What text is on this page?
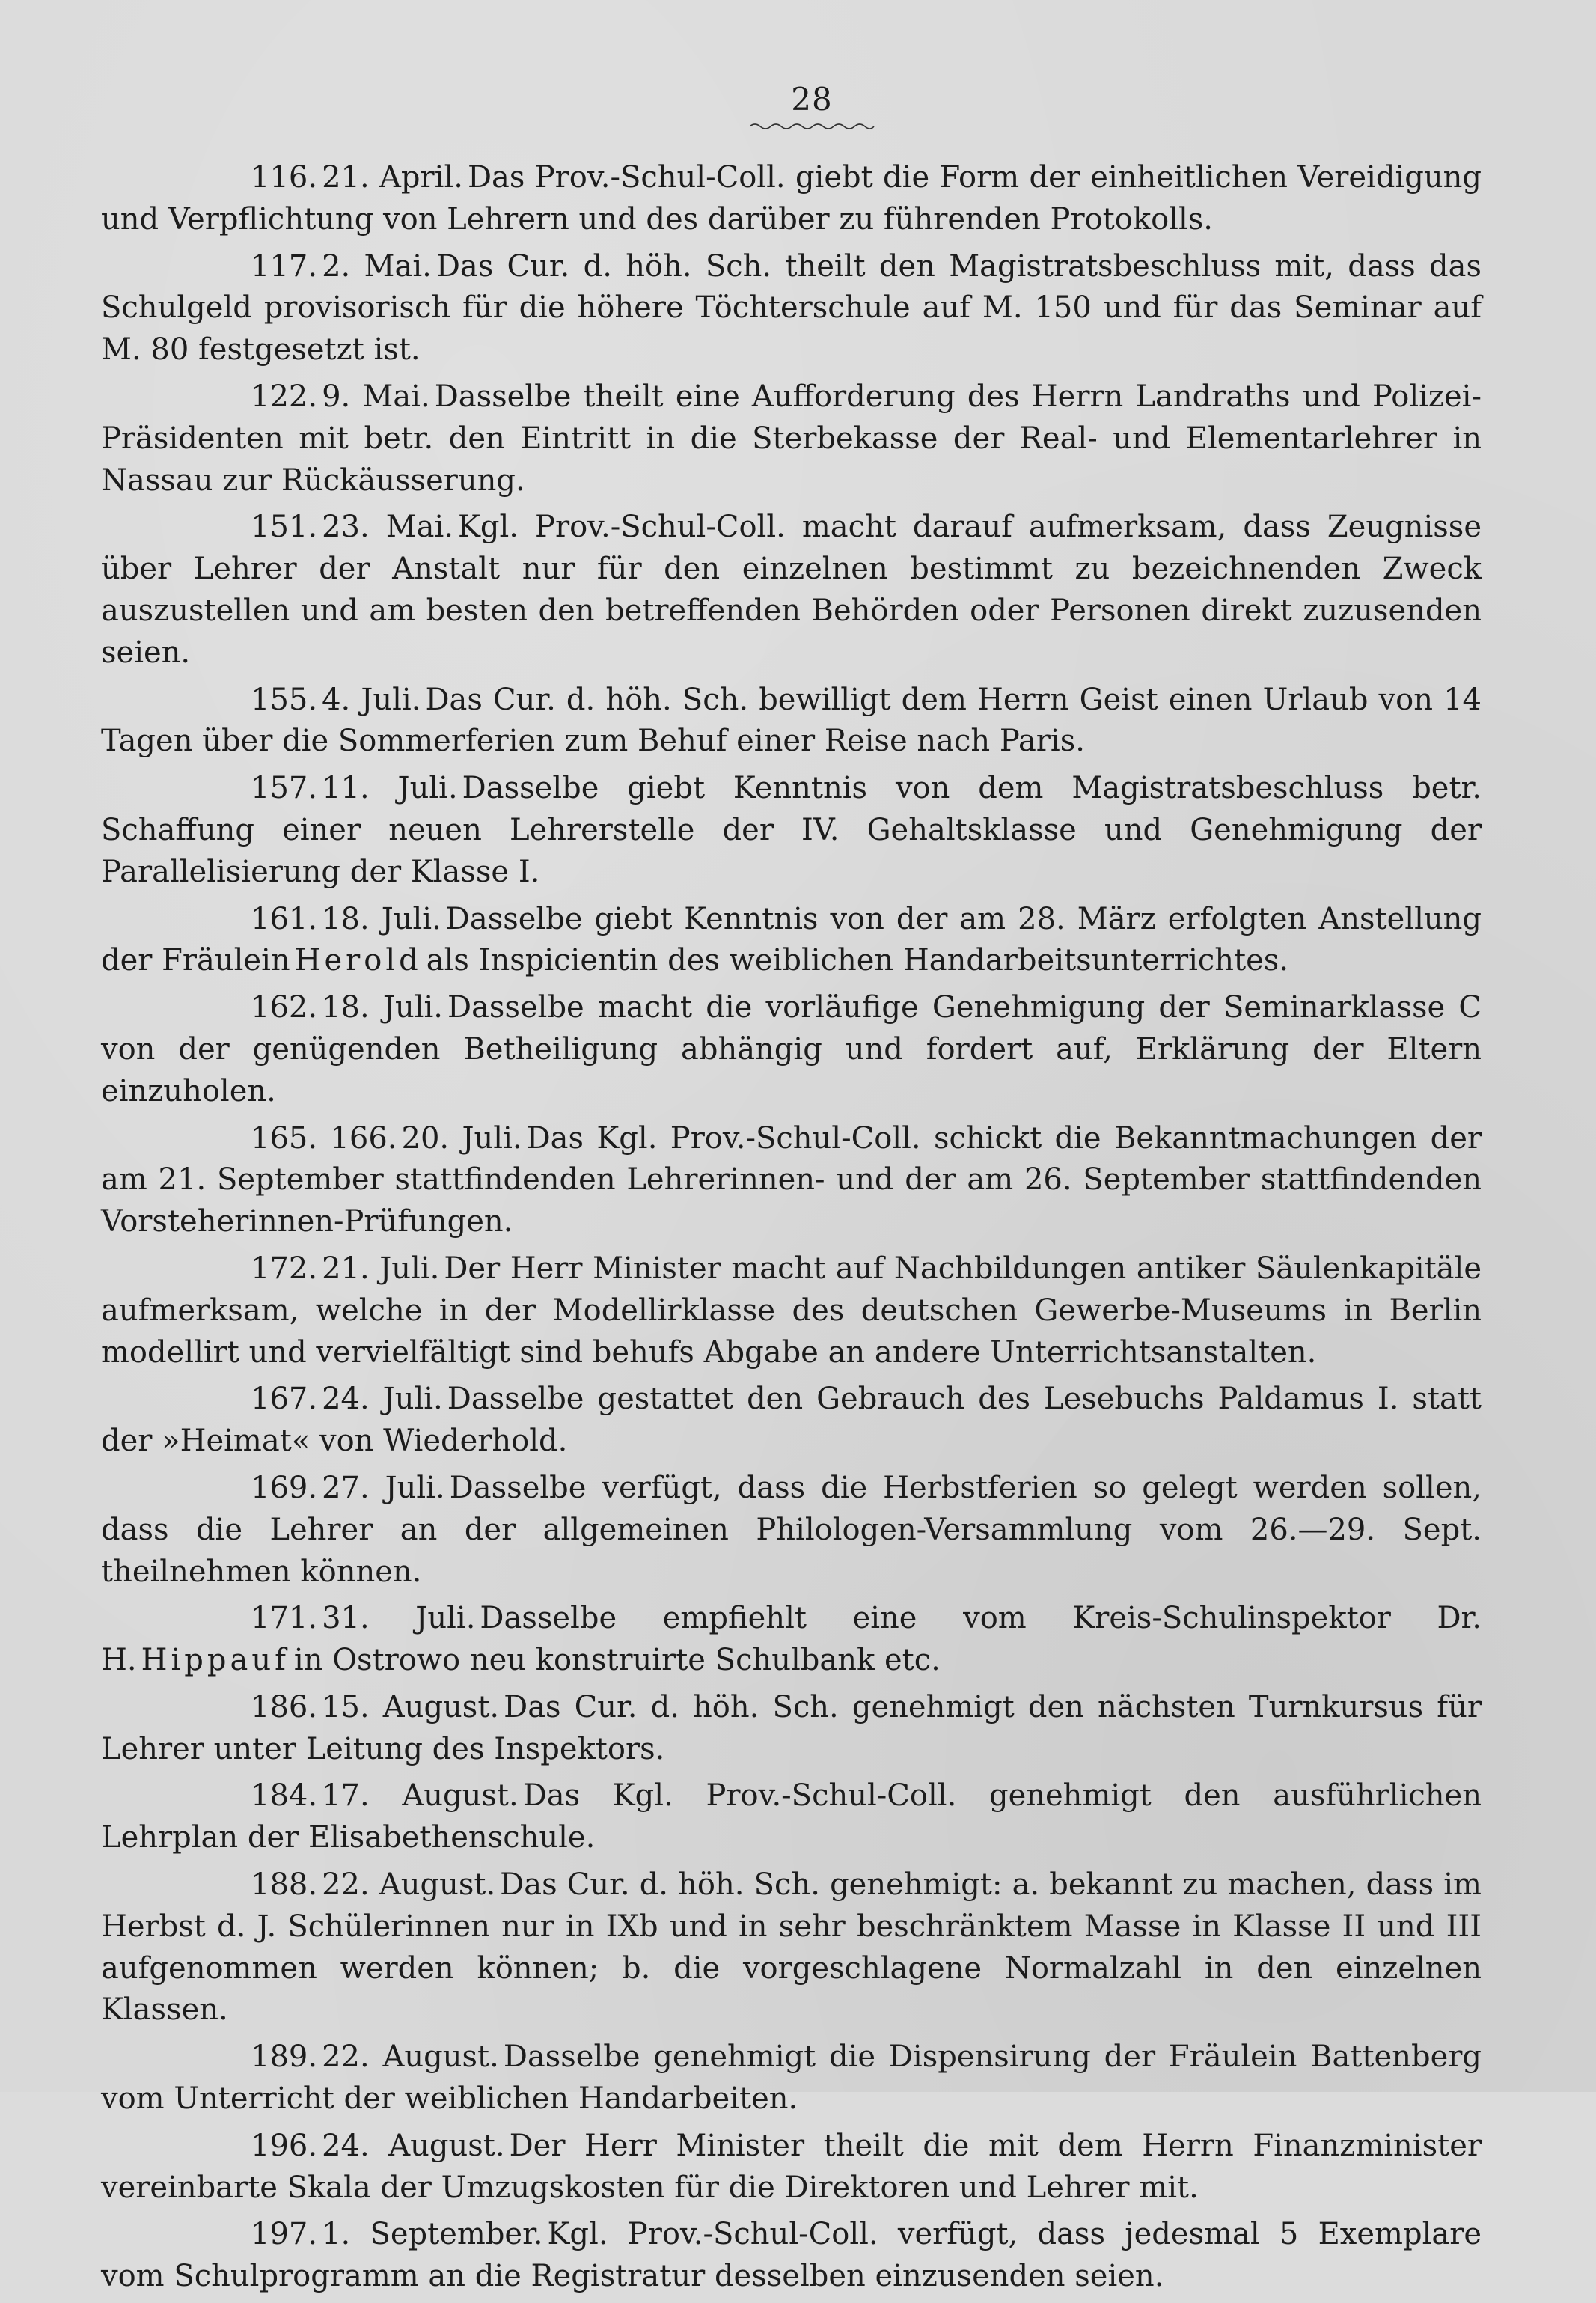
28

116. 21. April. Das Prov.-Schul-Coll. giebt die Form der einheitlichen Vereidigung und Verpflichtung von Lehrern und des darüber zu führenden Protokolls.

117. 2. Mai. Das Cur. d. höh. Sch. theilt den Magistratsbeschluss mit, dass das Schulgeld provisorisch für die höhere Töchterschule auf M. 150 und für das Seminar auf M. 80 festgesetzt ist.

122. 9. Mai. Dasselbe theilt eine Aufforderung des Herrn Landraths und Polizei-Präsidenten mit betr. den Eintritt in die Sterbekasse der Real- und Elementarlehrer in Nassau zur Rückäusserung.

151. 23. Mai. Kgl. Prov.-Schul-Coll. macht darauf aufmerksam, dass Zeugnisse über Lehrer der Anstalt nur für den einzelnen bestimmt zu bezeichnenden Zweck auszustellen und am besten den betreffenden Behörden oder Personen direkt zuzusenden seien.

155. 4. Juli. Das Cur. d. höh. Sch. bewilligt dem Herrn Geist einen Urlaub von 14 Tagen über die Sommerferien zum Behuf einer Reise nach Paris.

157. 11. Juli. Dasselbe giebt Kenntnis von dem Magistratsbeschluss betr. Schaffung einer neuen Lehrerstelle der IV. Gehaltsklasse und Genehmigung der Parallelisierung der Klasse I.

161. 18. Juli. Dasselbe giebt Kenntnis von der am 28. März erfolgten Anstellung der Fräulein Herold als Inspicientin des weiblichen Handarbeitsunterrichtes.

162. 18. Juli. Dasselbe macht die vorläufige Genehmigung der Seminarklasse C von der genügenden Betheiligung abhängig und fordert auf, Erklärung der Eltern einzuholen.

165. 166. 20. Juli. Das Kgl. Prov.-Schul-Coll. schickt die Bekanntmachungen der am 21. September stattfindenden Lehrerinnen- und der am 26. September stattfindenden Vorsteherinnen-Prüfungen.

172. 21. Juli. Der Herr Minister macht auf Nachbildungen antiker Säulenkapitäle aufmerksam, welche in der Modellirklasse des deutschen Gewerbe-Museums in Berlin modellirt und vervielfältigt sind behufs Abgabe an andere Unterrichtsanstalten.

167. 24. Juli. Dasselbe gestattet den Gebrauch des Lesebuchs Paldamus I. statt der »Heimat« von Wiederhold.

169. 27. Juli. Dasselbe verfügt, dass die Herbstferien so gelegt werden sollen, dass die Lehrer an der allgemeinen Philologen-Versammlung vom 26.—29. Sept. theilnehmen können.

171. 31. Juli. Dasselbe empfiehlt eine vom Kreis-Schulinspektor Dr. H. Hippauf in Ostrowo neu konstruirte Schulbank etc.

186. 15. August. Das Cur. d. höh. Sch. genehmigt den nächsten Turnkursus für Lehrer unter Leitung des Inspektors.

184. 17. August. Das Kgl. Prov.-Schul-Coll. genehmigt den ausführlichen Lehrplan der Elisabethenschule.

188. 22. August. Das Cur. d. höh. Sch. genehmigt: a. bekannt zu machen, dass im Herbst d. J. Schülerinnen nur in IXb und in sehr beschränktem Masse in Klasse II und III aufgenommen werden können; b. die vorgeschlagene Normalzahl in den einzelnen Klassen.

189. 22. August. Dasselbe genehmigt die Dispensirung der Fräulein Battenberg vom Unterricht der weiblichen Handarbeiten.

196. 24. August. Der Herr Minister theilt die mit dem Herrn Finanzminister vereinbarte Skala der Umzugskosten für die Direktoren und Lehrer mit.

197. 1. September. Kgl. Prov.-Schul-Coll. verfügt, dass jedesmal 5 Exemplare vom Schulprogramm an die Registratur desselben einzusenden seien.
